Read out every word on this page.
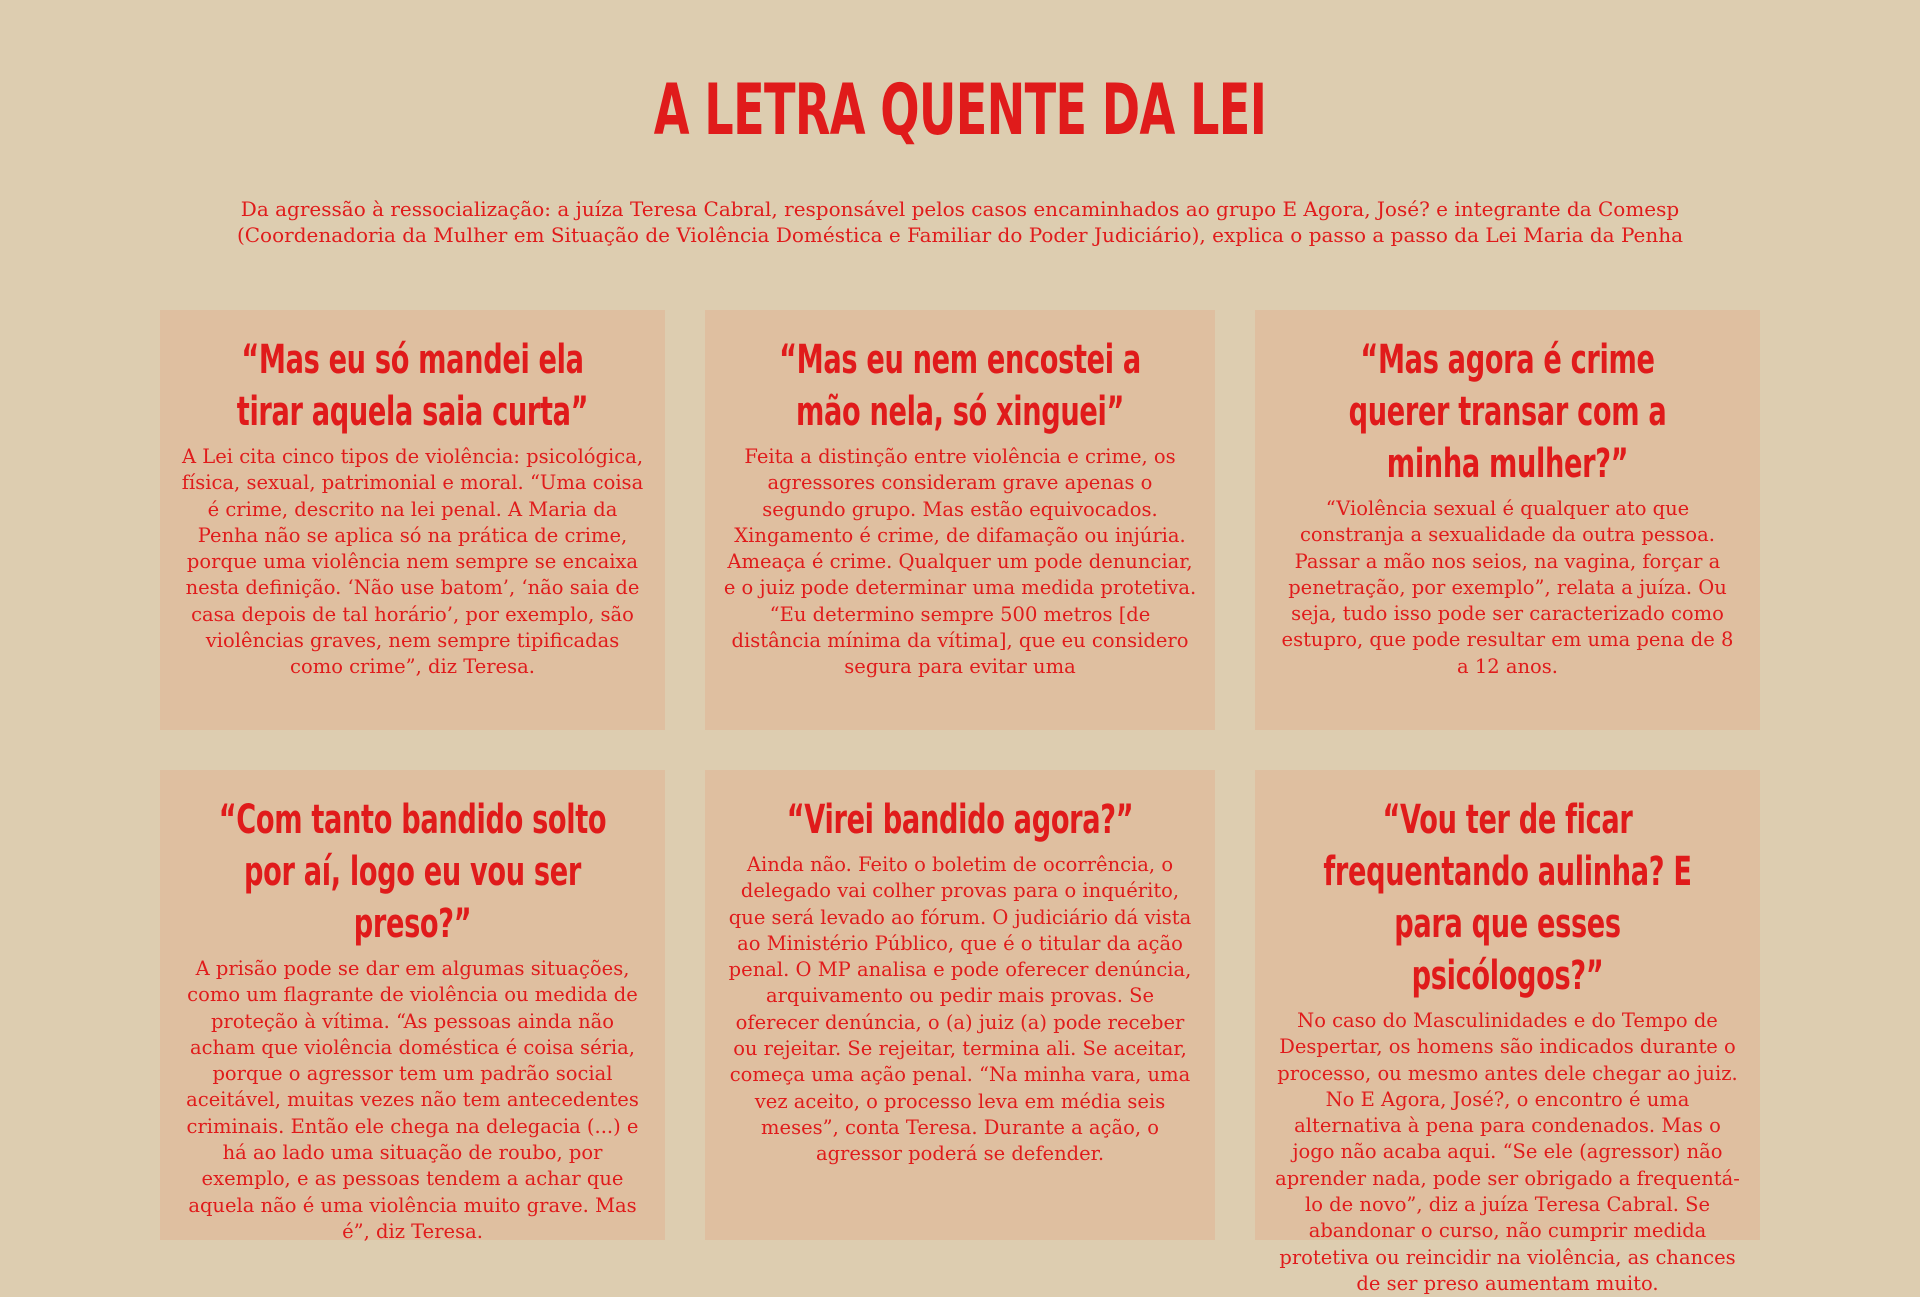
A LETRA QUENTE DA LEI

Da agressão à ressocialização: a juíza Teresa Cabral, responsável pelos casos encaminhados ao grupo E Agora, José? e integrante da Comesp (Coordenadoria da Mulher em Situação de Violência Doméstica e Familiar do Poder Judiciário), explica o passo a passo da Lei Maria da Penha

“Mas eu só mandei ela tirar aquela saia curta”

A Lei cita cinco tipos de violência: psicológica, física, sexual, patrimonial e moral. “Uma coisa é crime, descrito na lei penal. A Maria da Penha não se aplica só na prática de crime, porque uma violência nem sempre se encaixa nesta definição. ‘Não use batom’, ‘não saia de casa depois de tal horário’, por exemplo, são violências graves, nem sempre tipificadas como crime”, diz Teresa.

“Mas eu nem encostei a mão nela, só xinguei”

Feita a distinção entre violência e crime, os agressores consideram grave apenas o segundo grupo. Mas estão equivocados. Xingamento é crime, de difamação ou injúria. Ameaça é crime. Qualquer um pode denunciar, e o juiz pode determinar uma medida protetiva. “Eu determino sempre 500 metros [de distância mínima da vítima], que eu considero segura para evitar uma

“Mas agora é crime querer transar com a minha mulher?”

“Violência sexual é qualquer ato que constranja a sexualidade da outra pessoa. Passar a mão nos seios, na vagina, forçar a penetração, por exemplo”, relata a juíza. Ou seja, tudo isso pode ser caracterizado como estupro, que pode resultar em uma pena de 8 a 12 anos.

“Com tanto bandido solto por aí, logo eu vou ser preso?”

A prisão pode se dar em algumas situações, como um flagrante de violência ou medida de proteção à vítima. “As pessoas ainda não acham que violência doméstica é coisa séria, porque o agressor tem um padrão social aceitável, muitas vezes não tem antecedentes criminais. Então ele chega na delegacia (...) e há ao lado uma situação de roubo, por exemplo, e as pessoas tendem a achar que aquela não é uma violência muito grave. Mas é”, diz Teresa.

“Virei bandido agora?”

Ainda não. Feito o boletim de ocorrência, o delegado vai colher provas para o inquérito, que será levado ao fórum. O judiciário dá vista ao Ministério Público, que é o titular da ação penal. O MP analisa e pode oferecer denúncia, arquivamento ou pedir mais provas. Se oferecer denúncia, o (a) juiz (a) pode receber ou rejeitar. Se rejeitar, termina ali. Se aceitar, começa uma ação penal. “Na minha vara, uma vez aceito, o processo leva em média seis meses”, conta Teresa. Durante a ação, o agressor poderá se defender.

“Vou ter de ficar frequentando aulinha? E para que esses psicólogos?”

No caso do Masculinidades e do Tempo de Despertar, os homens são indicados durante o processo, ou mesmo antes dele chegar ao juiz. No E Agora, José?, o encontro é uma alternativa à pena para condenados. Mas o jogo não acaba aqui. “Se ele (agressor) não aprender nada, pode ser obrigado a frequentá-lo de novo”, diz a juíza Teresa Cabral. Se abandonar o curso, não cumprir medida protetiva ou reincidir na violência, as chances de ser preso aumentam muito.
